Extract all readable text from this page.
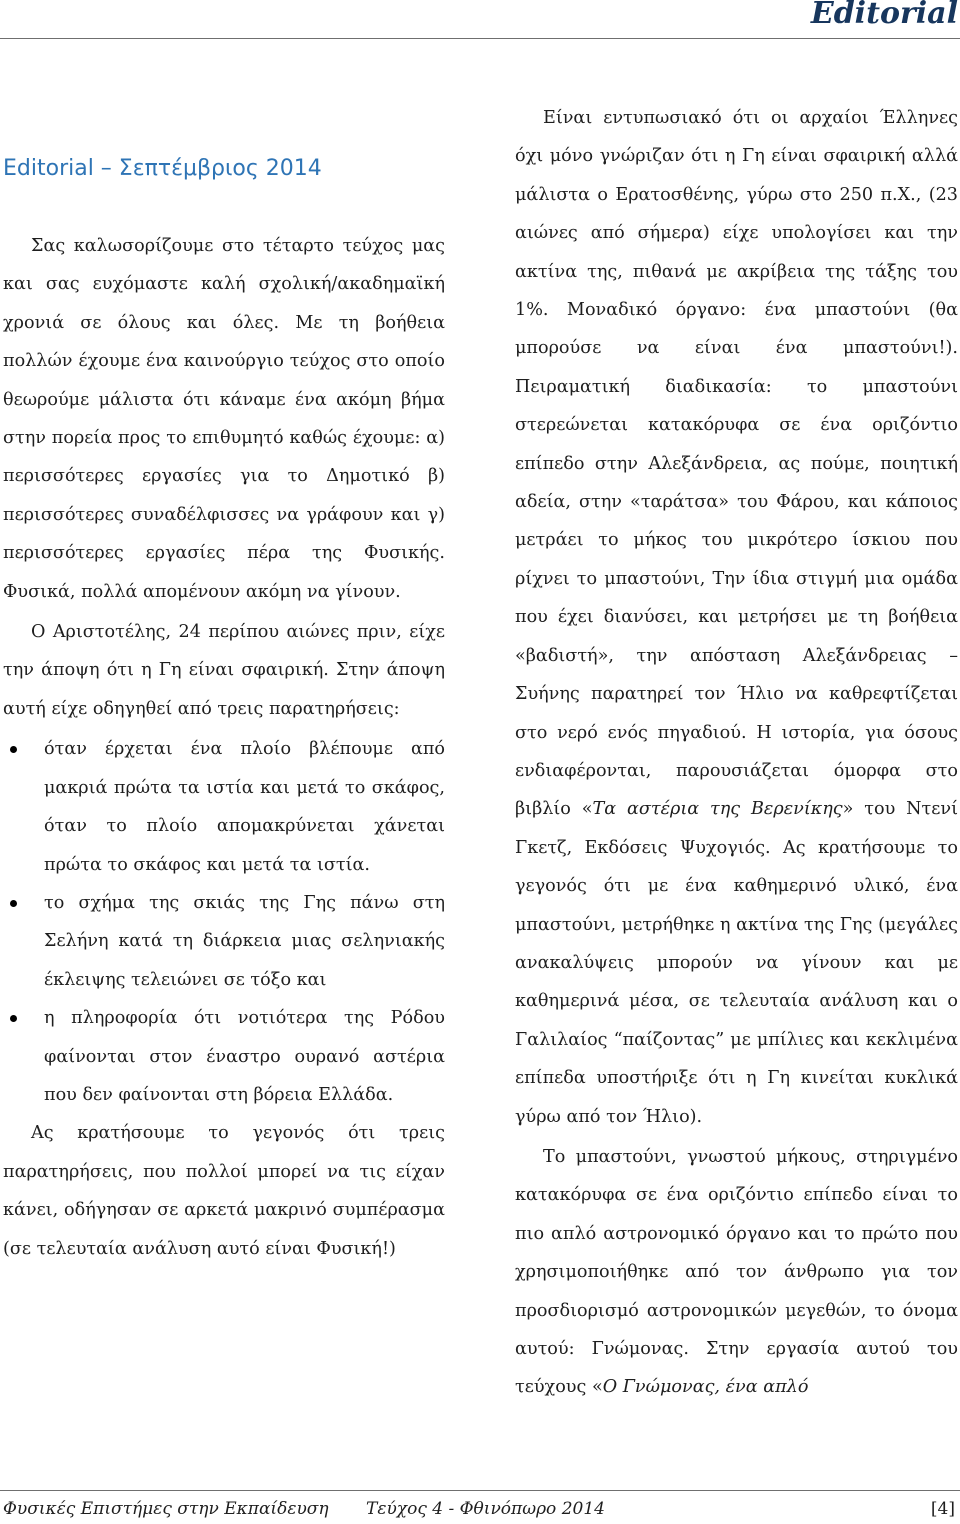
Editorial
Editorial – Σεπτέμβριος 2014

Σας καλωσορίζουμε στο τέταρτο τεύχος μας και σας ευχόμαστε καλή σχολική/ακαδημαϊκή χρονιά σε όλους και όλες. Με τη βοήθεια πολλών έχουμε ένα καινούργιο τεύχος στο οποίο θεωρούμε μάλιστα ότι κάναμε ένα ακόμη βήμα στην πορεία προς το επιθυμητό καθώς έχουμε: α) περισσότερες εργασίες για το Δημοτικό β) περισσότερες συναδέλφισσες να γράφουν και γ) περισσότερες εργασίες πέρα της Φυσικής. Φυσικά, πολλά απομένουν ακόμη να γίνουν.

Ο Αριστοτέλης, 24 περίπου αιώνες πριν, είχε την άποψη ότι η Γη είναι σφαιρική. Στην άποψη αυτή είχε οδηγηθεί από τρεις παρατηρήσεις:

όταν έρχεται ένα πλοίο βλέπουμε από μακριά πρώτα τα ιστία και μετά το σκάφος, όταν το πλοίο απομακρύνεται χάνεται πρώτα το σκάφος και μετά τα ιστία.
το σχήμα της σκιάς της Γης πάνω στη Σελήνη κατά τη διάρκεια μιας σεληνιακής έκλειψης τελειώνει σε τόξο και
η πληροφορία ότι νοτιότερα της Ρόδου φαίνονται στον έναστρο ουρανό αστέρια που δεν φαίνονται στη βόρεια Ελλάδα.

Ας κρατήσουμε το γεγονός ότι τρεις

παρατηρήσεις, που πολλοί μπορεί να τις είχαν κάνει, οδήγησαν σε αρκετά μακρινό συμπέρασμα (σε τελευταία ανάλυση αυτό είναι Φυσική!)

Είναι εντυπωσιακό ότι οι αρχαίοι Έλληνες όχι μόνο γνώριζαν ότι η Γη είναι σφαιρική αλλά μάλιστα ο Ερατοσθένης, γύρω στο 250 π.Χ., (23 αιώνες από σήμερα) είχε υπολογίσει και την ακτίνα της, πιθανά με ακρίβεια της τάξης του 1%. Μοναδικό όργανο: ένα μπαστούνι (θα μπορούσε να είναι ένα μπαστούνι!). Πειραματική διαδικασία: το μπαστούνι στερεώνεται κατακόρυφα σε ένα οριζόντιο επίπεδο στην Αλεξάνδρεια, ας πούμε, ποιητική αδεία, στην «ταράτσα» του Φάρου, και κάποιος μετράει το μήκος του μικρότερο ίσκιου που ρίχνει το μπαστούνι, Την ίδια στιγμή μια ομάδα που έχει διανύσει, και μετρήσει με τη βοήθεια «βαδιστή», την απόσταση Αλεξάνδρειας – Συήνης παρατηρεί τον Ήλιο να καθρεφτίζεται στο νερό ενός πηγαδιού. Η ιστορία, για όσους ενδιαφέρονται, παρουσιάζεται όμορφα στο βιβλίο «Τα αστέρια της Βερενίκης» του Ντενί Γκετζ, Εκδόσεις Ψυχογιός. Ας κρατήσουμε το γεγονός ότι με ένα καθημερινό υλικό, ένα μπαστούνι, μετρήθηκε η ακτίνα της Γης (μεγάλες ανακαλύψεις μπορούν να γίνουν και με καθημερινά μέσα, σε τελευταία ανάλυση και ο Γαλιλαίος “παίζοντας” με μπίλιες και κεκλιμένα επίπεδα υποστήριξε ότι η Γη κινείται κυκλικά γύρω από τον Ήλιο).

Το μπαστούνι, γνωστού μήκους, στηριγμένο κατακόρυφα σε ένα οριζόντιο επίπεδο είναι το πιο απλό αστρονομικό όργανο και το πρώτο που χρησιμοποιήθηκε από τον άνθρωπο για τον προσδιορισμό αστρονομικών μεγεθών, το όνομα αυτού: Γνώμονας. Στην εργασία αυτού του τεύχους «Ο Γνώμονας, ένα απλό

Φυσικές Επιστήμες στην Εκπαίδευση Τεύχος 4 - Φθινόπωρο 2014	[4]
